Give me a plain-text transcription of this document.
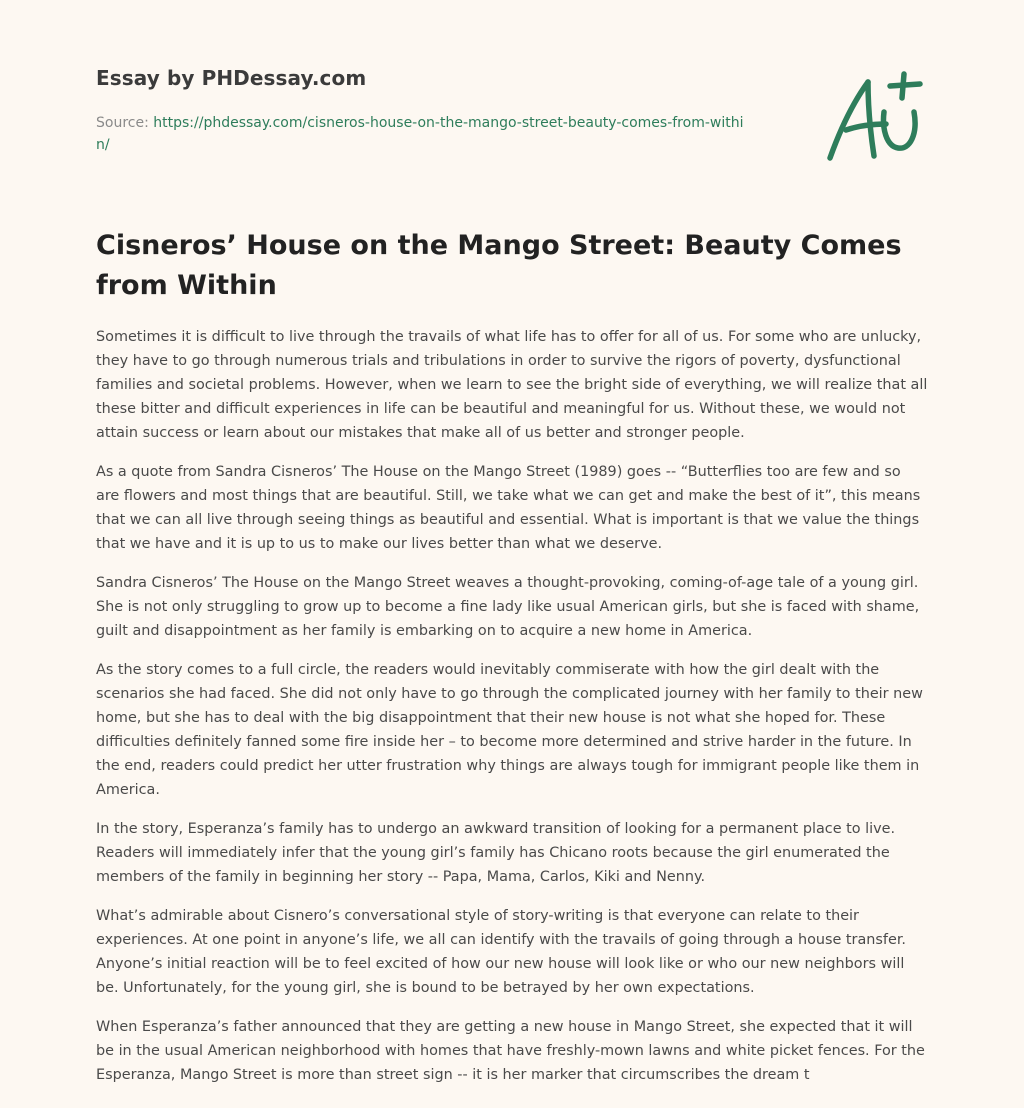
Essay by PHDessay.com
Source: https://phdessay.com/cisneros-house-on-the-mango-street-beauty-comes-from-within/
Cisneros’ House on the Mango Street: Beauty Comes from Within

Sometimes it is difficult to live through the travails of what life has to offer for all of us. For some who are unlucky, they have to go through numerous trials and tribulations in order to survive the rigors of poverty, dysfunctional families and societal problems. However, when we learn to see the bright side of everything, we will realize that all these bitter and difficult experiences in life can be beautiful and meaningful for us. Without these, we would not attain success or learn about our mistakes that make all of us better and stronger people.

As a quote from Sandra Cisneros’ The House on the Mango Street (1989) goes -- “Butterflies too are few and so are flowers and most things that are beautiful. Still, we take what we can get and make the best of it”, this means that we can all live through seeing things as beautiful and essential. What is important is that we value the things that we have and it is up to us to make our lives better than what we deserve.

Sandra Cisneros’ The House on the Mango Street weaves a thought-provoking, coming-of-age tale of a young girl. She is not only struggling to grow up to become a fine lady like usual American girls, but she is faced with shame, guilt and disappointment as her family is embarking on to acquire a new home in America.

As the story comes to a full circle, the readers would inevitably commiserate with how the girl dealt with the scenarios she had faced. She did not only have to go through the complicated journey with her family to their new home, but she has to deal with the big disappointment that their new house is not what she hoped for. These difficulties definitely fanned some fire inside her – to become more determined and strive harder in the future. In the end, readers could predict her utter frustration why things are always tough for immigrant people like them in America.

In the story, Esperanza’s family has to undergo an awkward transition of looking for a permanent place to live. Readers will immediately infer that the young girl’s family has Chicano roots because the girl enumerated the members of the family in beginning her story -- Papa, Mama, Carlos, Kiki and Nenny.

What’s admirable about Cisnero’s conversational style of story-writing is that everyone can relate to their experiences. At one point in anyone’s life, we all can identify with the travails of going through a house transfer. Anyone’s initial reaction will be to feel excited of how our new house will look like or who our new neighbors will be. Unfortunately, for the young girl, she is bound to be betrayed by her own expectations.

When Esperanza’s father announced that they are getting a new house in Mango Street, she expected that it will be in the usual American neighborhood with homes that have freshly-mown lawns and white picket fences. For the Esperanza, Mango Street is more than street sign -- it is her marker that circumscribes the dream t
